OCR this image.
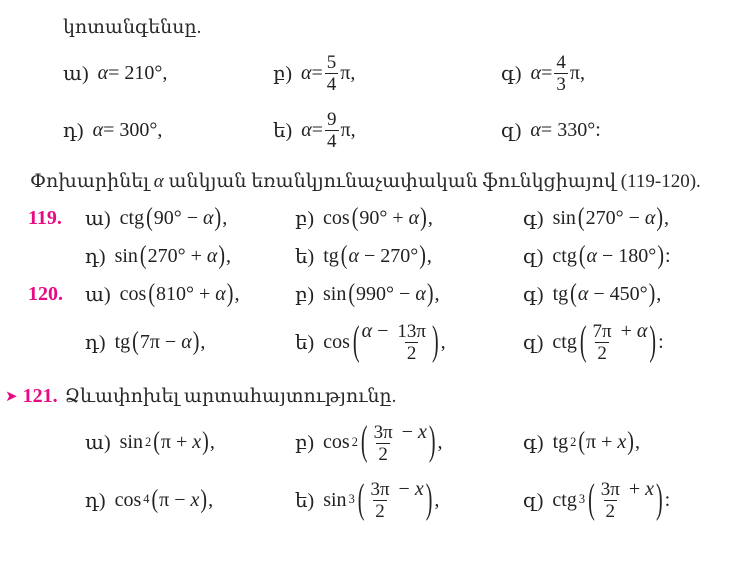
կոտանգենսը.

ա) α = 210°,	բ) $\alpha = \frac{5}{4} \pi$,	գ) $\alpha = \frac{4}{3} \pi$,
դ) α = 300°,	ե) $\alpha = \frac{9}{4} \pi$,	զ) α = 330°:

Փոխարինել α անկյան եռանկյունաչափական ֆունկցիայով (119-120).

119.	ա) ctg ( 90° − α ) ,	բ) cos ( 90° + α ) ,	գ) sin ( 270° − α ) ,
դ) sin ( 270° + α ) ,	ե) tg ( α − 270° ) ,	զ) ctg ( α − 180° ) :
120.	ա) cos ( 810° + α ) ,	բ) sin ( 990° − α ) ,	գ) tg ( α − 450° ) ,
դ) tg ( 7π − α ) ,	ե) cos ( $\alpha - \frac{13\pi}{2}$ ) ,	զ) ctg ( $\frac{7\pi}{2} + \alpha$ ) :
➤ 121. Ձևափոխել արտահայտությունը.
ա) sin 2 ( π + x ) ,	բ) cos 2 ( $\frac{3\pi}{2} - x$ ) ,	գ) tg 2 ( π + x ) ,
դ) cos 4 ( π − x ) ,	ե) sin 3 ( $\frac{3\pi}{2} - x$ ) ,	զ) ctg 3 ( $\frac{3\pi}{2} + x$ ) :
